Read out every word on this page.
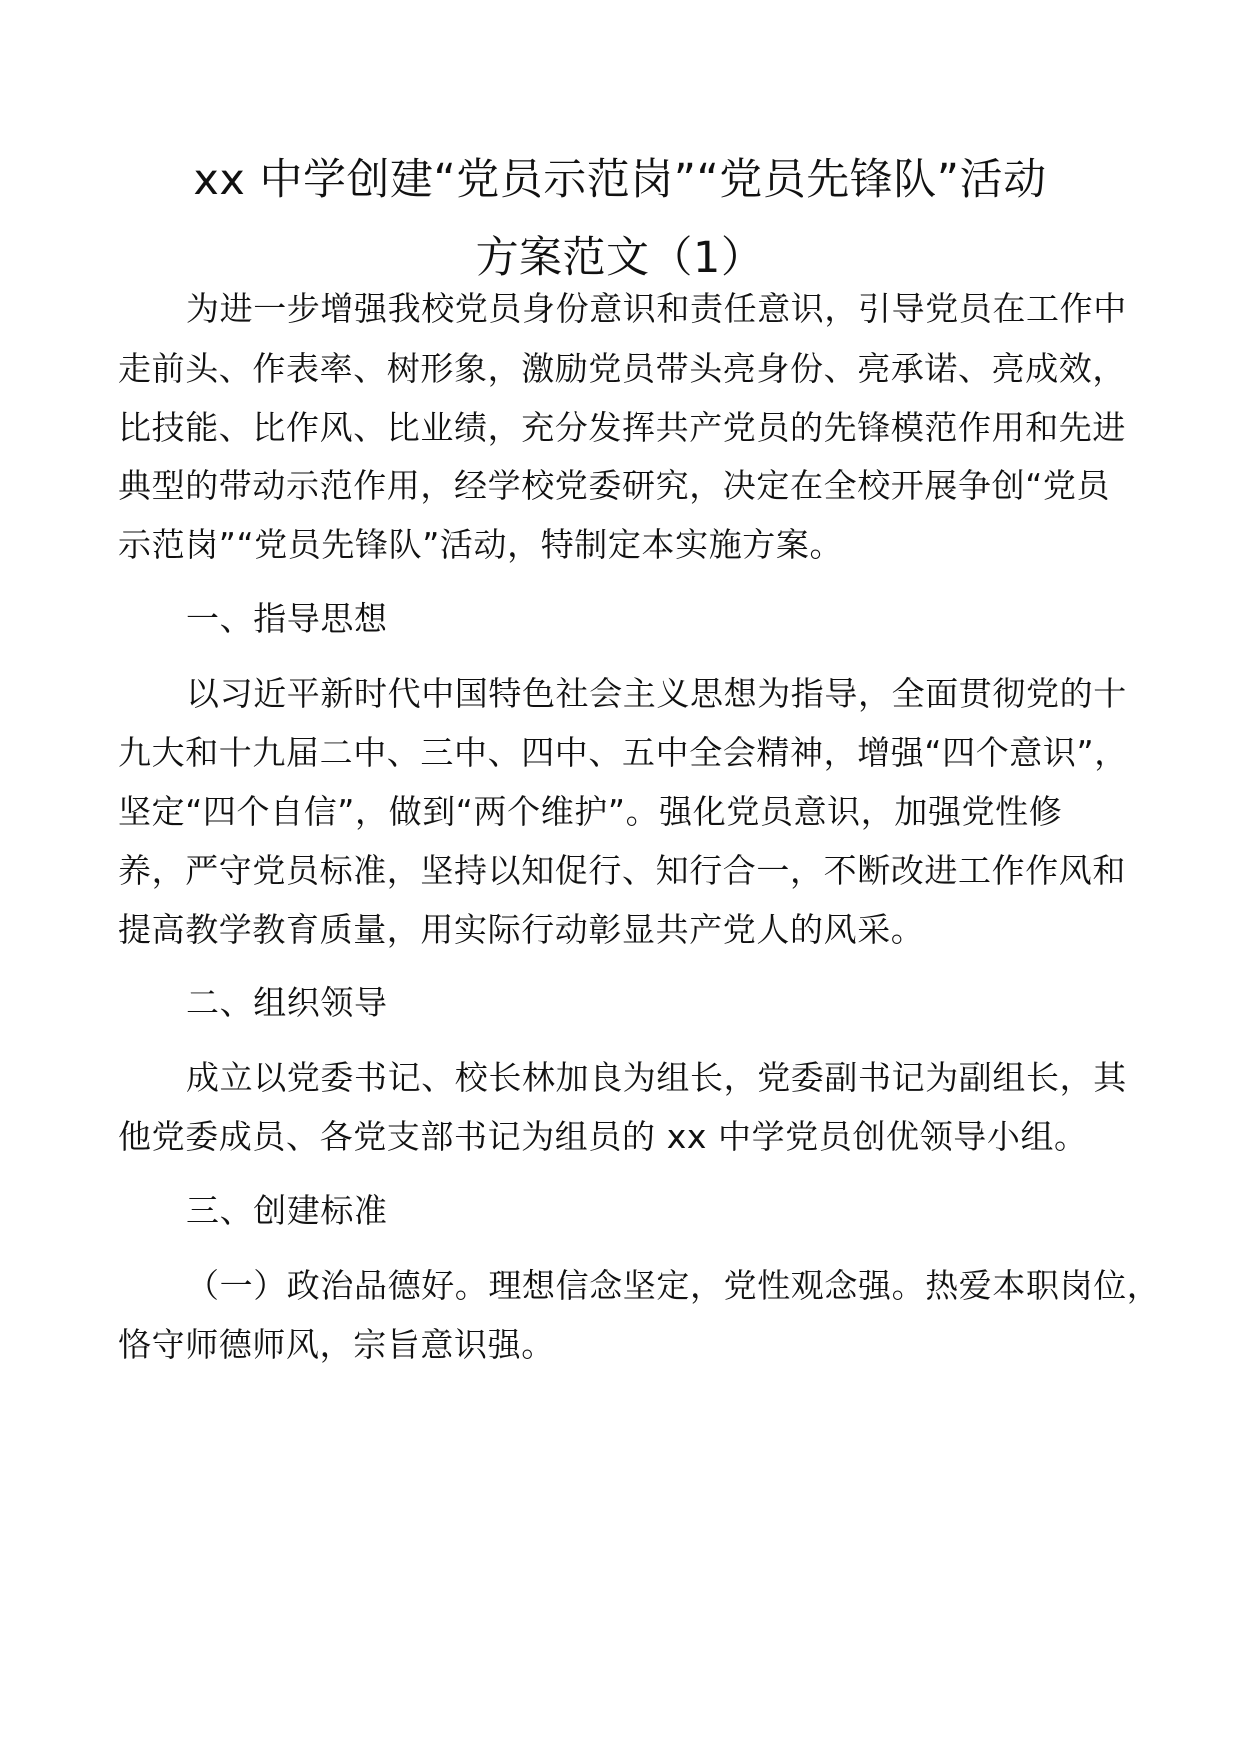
xx 中学创建“党员示范岗”“党员先锋队”活动
方案范文（1）
为进一步增强我校党员身份意识和责任意识，引导党员在工作中
走前头、作表率、树形象，激励党员带头亮身份、亮承诺、亮成效，
比技能、比作风、比业绩，充分发挥共产党员的先锋模范作用和先进
典型的带动示范作用，经学校党委研究，决定在全校开展争创“党员
示范岗”“党员先锋队”活动，特制定本实施方案。
一、指导思想
以习近平新时代中国特色社会主义思想为指导，全面贯彻党的十
九大和十九届二中、三中、四中、五中全会精神，增强“四个意识”，
坚定“四个自信”，做到“两个维护”。强化党员意识，加强党性修
养，严守党员标准，坚持以知促行、知行合一，不断改进工作作风和
提高教学教育质量，用实际行动彰显共产党人的风采。
二、组织领导
成立以党委书记、校长林加良为组长，党委副书记为副组长，其
他党委成员、各党支部书记为组员的 xx 中学党员创优领导小组。
三、创建标准
（一）政治品德好。理想信念坚定，党性观念强。热爱本职岗位，
恪守师德师风，宗旨意识强。
